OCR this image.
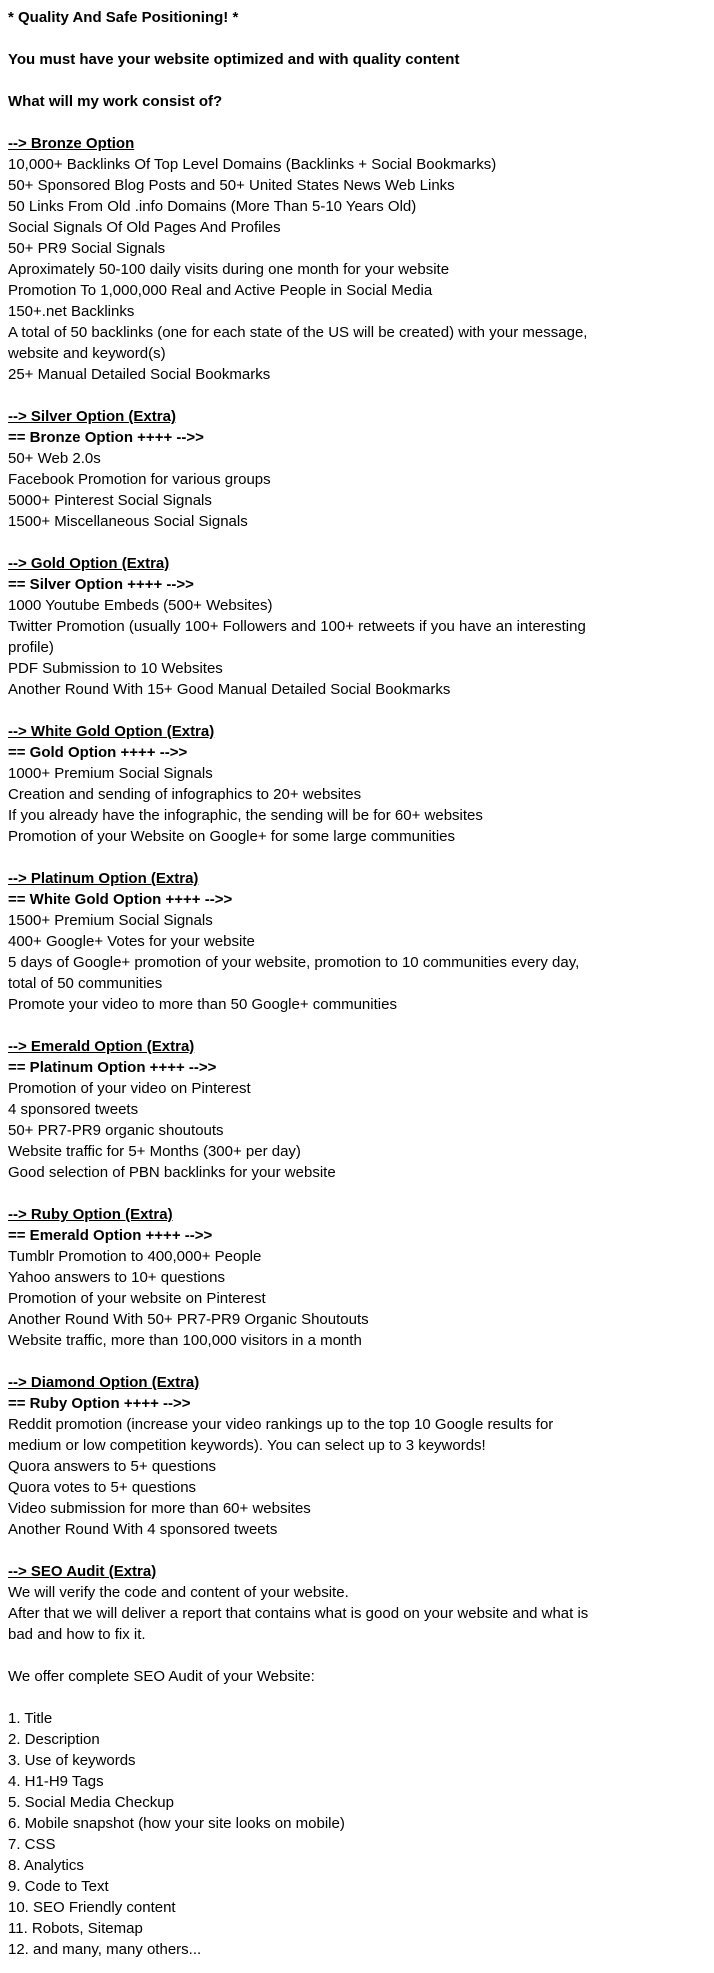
* Quality And Safe Positioning! *
You must have your website optimized and with quality content
What will my work consist of?
--> Bronze Option
10,000+ Backlinks Of Top Level Domains (Backlinks + Social Bookmarks)
50+ Sponsored Blog Posts and 50+ United States News Web Links
50 Links From Old .info Domains (More Than 5-10 Years Old)
Social Signals Of Old Pages And Profiles
50+ PR9 Social Signals
Aproximately 50-100 daily visits during one month for your website
Promotion To 1,000,000 Real and Active People in Social Media
150+.net Backlinks
A total of 50 backlinks (one for each state of the US will be created) with your message,
website and keyword(s)
25+ Manual Detailed Social Bookmarks
--> Silver Option (Extra)
== Bronze Option ++++ -->>
50+ Web 2.0s
Facebook Promotion for various groups
5000+ Pinterest Social Signals
1500+ Miscellaneous Social Signals
--> Gold Option (Extra)
== Silver Option ++++ -->>
1000 Youtube Embeds (500+ Websites)
Twitter Promotion (usually 100+ Followers and 100+ retweets if you have an interesting
profile)
PDF Submission to 10 Websites
Another Round With 15+ Good Manual Detailed Social Bookmarks
--> White Gold Option (Extra)
== Gold Option ++++ -->>
1000+ Premium Social Signals
Creation and sending of infographics to 20+ websites
If you already have the infographic, the sending will be for 60+ websites
Promotion of your Website on Google+ for some large communities
--> Platinum Option (Extra)
== White Gold Option ++++ -->>
1500+ Premium Social Signals
400+ Google+ Votes for your website
5 days of Google+ promotion of your website, promotion to 10 communities every day,
total of 50 communities
Promote your video to more than 50 Google+ communities
--> Emerald Option (Extra)
== Platinum Option ++++ -->>
Promotion of your video on Pinterest
4 sponsored tweets
50+ PR7-PR9 organic shoutouts
Website traffic for 5+ Months (300+ per day)
Good selection of PBN backlinks for your website
--> Ruby Option (Extra)
== Emerald Option ++++ -->>
Tumblr Promotion to 400,000+ People
Yahoo answers to 10+ questions
Promotion of your website on Pinterest
Another Round With 50+ PR7-PR9 Organic Shoutouts
Website traffic, more than 100,000 visitors in a month
--> Diamond Option (Extra)
== Ruby Option ++++ -->>
Reddit promotion (increase your video rankings up to the top 10 Google results for
medium or low competition keywords). You can select up to 3 keywords!
Quora answers to 5+ questions
Quora votes to 5+ questions
Video submission for more than 60+ websites
Another Round With 4 sponsored tweets
--> SEO Audit (Extra)
We will verify the code and content of your website.
After that we will deliver a report that contains what is good on your website and what is
bad and how to fix it.
We offer complete SEO Audit of your Website:
1. Title
2. Description
3. Use of keywords
4. H1-H9 Tags
5. Social Media Checkup
6. Mobile snapshot (how your site looks on mobile)
7. CSS
8. Analytics
9. Code to Text
10. SEO Friendly content
11. Robots, Sitemap
12. and many, many others...
